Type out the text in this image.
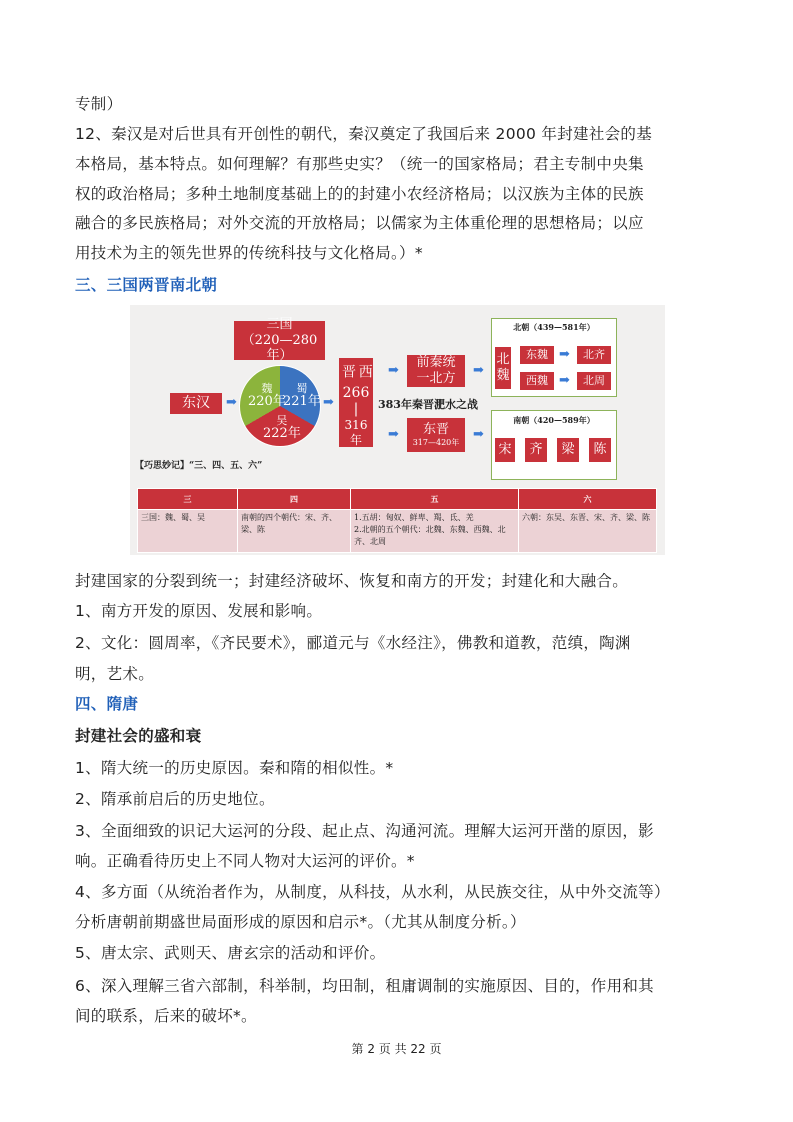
专制）
12、秦汉是对后世具有开创性的朝代，秦汉奠定了我国后来 2000 年封建社会的基
本格局，基本特点。如何理解？有那些史实？（统一的国家格局；君主专制中央集
权的政治格局；多种土地制度基础上的的封建小农经济格局；以汉族为主体的民族
融合的多民族格局；对外交流的开放格局；以儒家为主体重伦理的思想格局；以应
用技术为主的领先世界的传统科技与文化格局。）*
三、三国两晋南北朝
三国
（220—280年）
东汉	➡
魏
220年
蜀
221年
吴
222年
➡
西晋
266
|
316年
383年秦晋淝水之战
➡
➡
前秦统一北方
东晋
317—420年
➡
➡
北朝（439—581年）
北魏
东魏
西魏
➡
➡
北齐
北周
南朝（420—589年）
宋	齐	梁	陈
【巧思妙记】“三、四、五、六”
三	四	五	六
三国：魏、蜀、吴	南朝的四个朝代：宋、齐、梁、陈	1.五胡：匈奴、鲜卑、羯、氐、羌
2.北朝的五个朝代：北魏、东魏、西魏、北齐、北周	六朝：东吴、东晋、宋、齐、梁、陈
封建国家的分裂到统一；封建经济破坏、恢复和南方的开发；封建化和大融合。
1、南方开发的原因、发展和影响。
2、文化：圆周率，《齐民要术》，郦道元与《水经注》，佛教和道教，范缜，陶渊
明，艺术。
四、隋唐
封建社会的盛和衰
1、隋大统一的历史原因。秦和隋的相似性。*
2、隋承前启后的历史地位。
3、全面细致的识记大运河的分段、起止点、沟通河流。理解大运河开凿的原因，影
响。正确看待历史上不同人物对大运河的评价。*
4、多方面（从统治者作为，从制度，从科技，从水利，从民族交往，从中外交流等）
分析唐朝前期盛世局面形成的原因和启示*。（尤其从制度分析。）
5、唐太宗、武则天、唐玄宗的活动和评价。
6、深入理解三省六部制，科举制，均田制，租庸调制的实施原因、目的，作用和其
间的联系，后来的破坏*。
第 2 页 共 22 页
